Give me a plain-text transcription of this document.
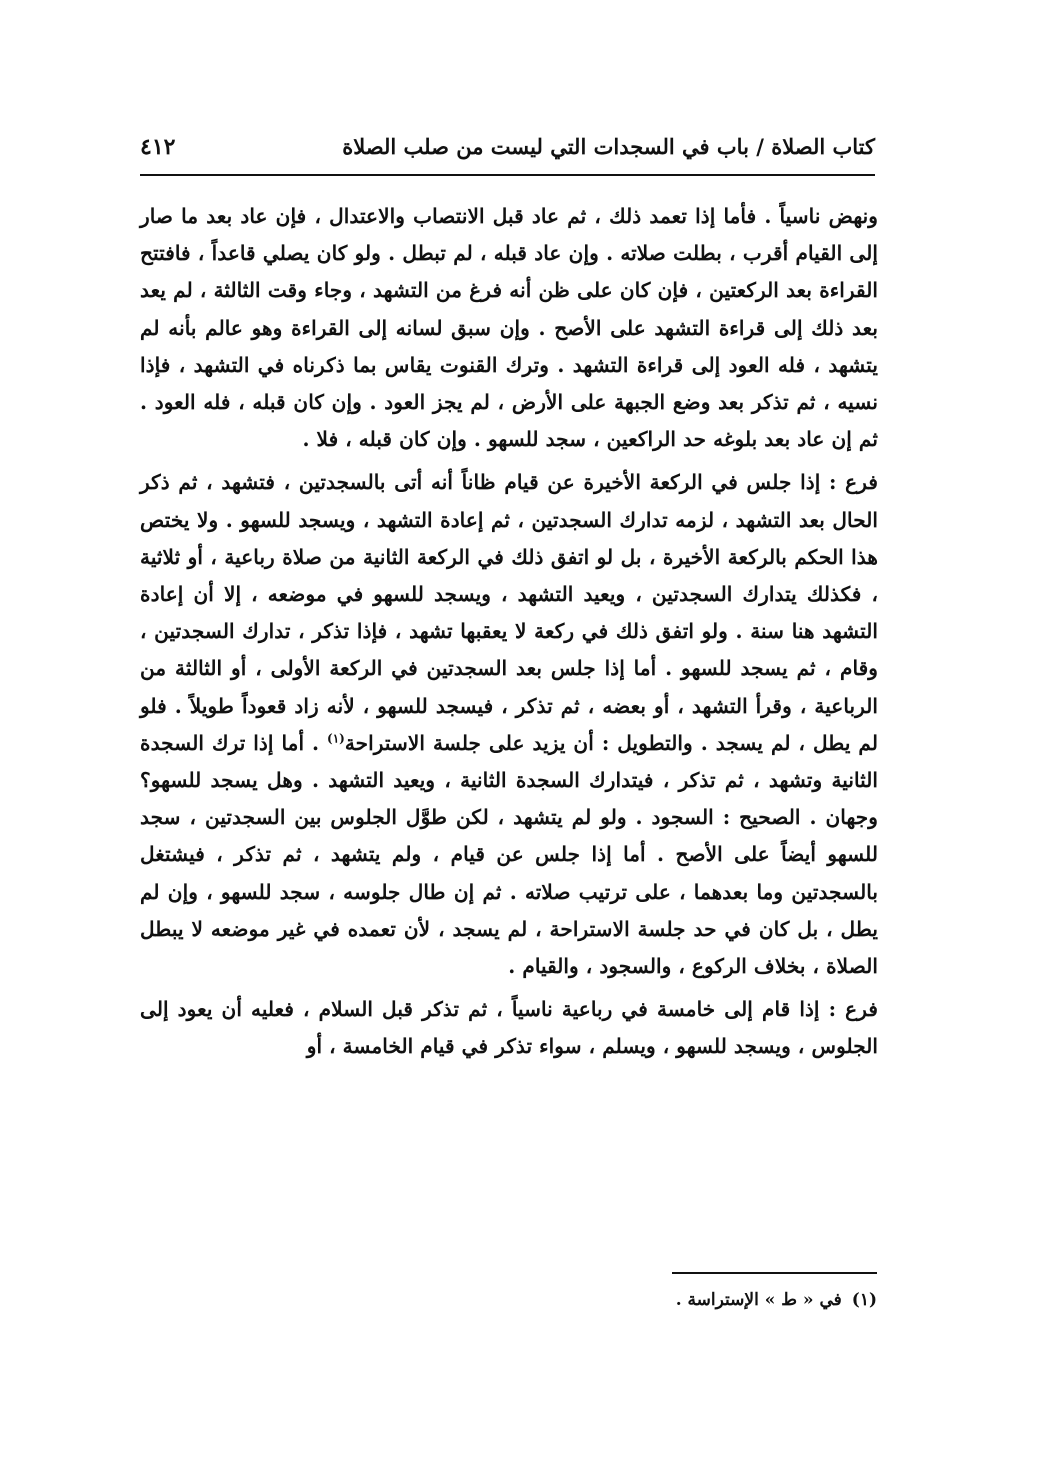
كتاب الصلاة / باب في السجدات التي ليست من صلب الصلاة
٤١٢

ونهض ناسياً . فأما إذا تعمد ذلك ، ثم عاد قبل الانتصاب والاعتدال ، فإن عاد بعد ما صار إلى القيام أقرب ، بطلت صلاته . وإن عاد قبله ، لم تبطل . ولو كان يصلي قاعداً ، فافتتح القراءة بعد الركعتين ، فإن كان على ظن أنه فرغ من التشهد ، وجاء وقت الثالثة ، لم يعد بعد ذلك إلى قراءة التشهد على الأصح . وإن سبق لسانه إلى القراءة وهو عالم بأنه لم يتشهد ، فله العود إلى قراءة التشهد . وترك القنوت يقاس بما ذكرناه في التشهد ، فإذا نسيه ، ثم تذكر بعد وضع الجبهة على الأرض ، لم يجز العود . وإن كان قبله ، فله العود . ثم إن عاد بعد بلوغه حد الراكعين ، سجد للسهو . وإن كان قبله ، فلا .

فرع : إذا جلس في الركعة الأخيرة عن قيام ظاناً أنه أتى بالسجدتين ، فتشهد ، ثم ذكر الحال بعد التشهد ، لزمه تدارك السجدتين ، ثم إعادة التشهد ، ويسجد للسهو . ولا يختص هذا الحكم بالركعة الأخيرة ، بل لو اتفق ذلك في الركعة الثانية من صلاة رباعية ، أو ثلاثية ، فكذلك يتدارك السجدتين ، ويعيد التشهد ، ويسجد للسهو في موضعه ، إلا أن إعادة التشهد هنا سنة . ولو اتفق ذلك في ركعة لا يعقبها تشهد ، فإذا تذكر ، تدارك السجدتين ، وقام ، ثم يسجد للسهو . أما إذا جلس بعد السجدتين في الركعة الأولى ، أو الثالثة من الرباعية ، وقرأ التشهد ، أو بعضه ، ثم تذكر ، فيسجد للسهو ، لأنه زاد قعوداً طويلاً . فلو لم يطل ، لم يسجد . والتطويل : أن يزيد على جلسة الاستراحة$^{(١)}$ . أما إذا ترك السجدة الثانية وتشهد ، ثم تذكر ، فيتدارك السجدة الثانية ، ويعيد التشهد . وهل يسجد للسهو؟ وجهان . الصحيح : السجود . ولو لم يتشهد ، لكن طوَّل الجلوس بين السجدتين ، سجد للسهو أيضاً على الأصح . أما إذا جلس عن قيام ، ولم يتشهد ، ثم تذكر ، فيشتغل بالسجدتين وما بعدهما ، على ترتيب صلاته . ثم إن طال جلوسه ، سجد للسهو ، وإن لم يطل ، بل كان في حد جلسة الاستراحة ، لم يسجد ، لأن تعمده في غير موضعه لا يبطل الصلاة ، بخلاف الركوع ، والسجود ، والقيام .

فرع : إذا قام إلى خامسة في رباعية ناسياً ، ثم تذكر قبل السلام ، فعليه أن يعود إلى الجلوس ، ويسجد للسهو ، ويسلم ، سواء تذكر في قيام الخامسة ، أو

(١)في « ط » الإستراسة .
